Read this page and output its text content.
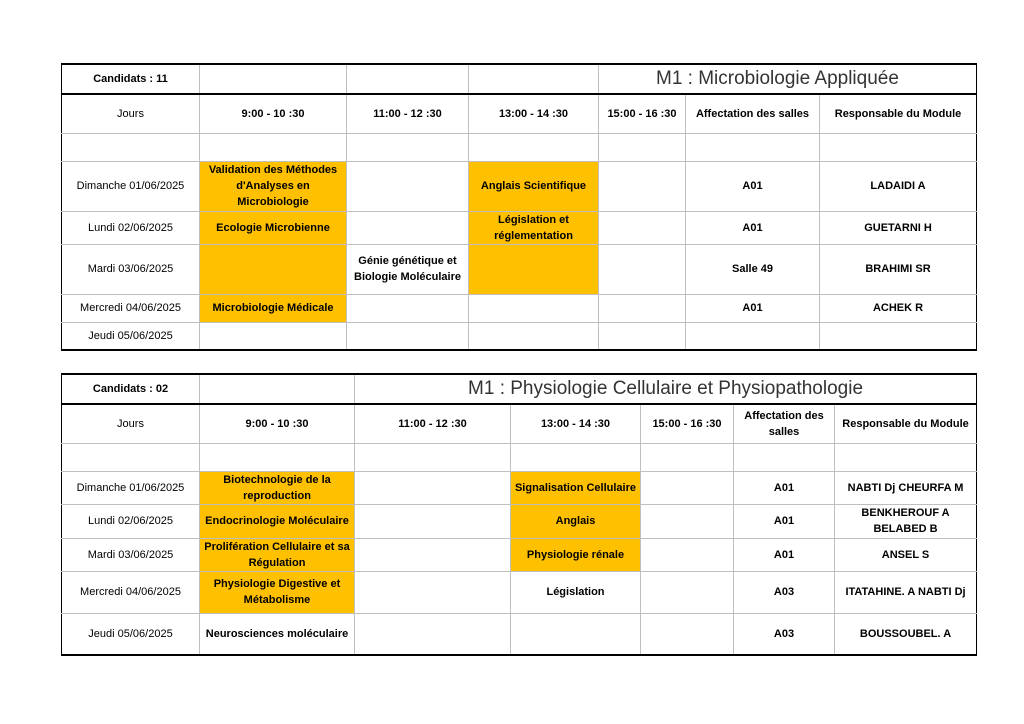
Candidats : 11				M1 : Microbiologie Appliquée		
Jours	9:00 - 10 :30	11:00 - 12 :30	13:00 - 14 :30	15:00 - 16 :30	Affectation des salles	Responsable du Module

Dimanche 01/06/2025	Validation des Méthodes d'Analyses en Microbiologie		Anglais Scientifique		A01	LADAIDI A
Lundi 02/06/2025	Ecologie Microbienne		Législation et réglementation		A01	GUETARNI H
Mardi 03/06/2025		Génie génétique et Biologie Moléculaire			Salle 49	BRAHIMI SR
Mercredi 04/06/2025	Microbiologie Médicale				A01	ACHEK R
Jeudi 05/06/2025						
Candidats : 02		M1 : Physiologie Cellulaire et Physiopathologie				
Jours	9:00 - 10 :30	11:00 - 12 :30	13:00 - 14 :30	15:00 - 16 :30	Affectation des salles	Responsable du Module

Dimanche 01/06/2025	Biotechnologie de la reproduction		Signalisation Cellulaire		A01	NABTI Dj CHEURFA M
Lundi 02/06/2025	Endocrinologie Moléculaire		Anglais		A01	BENKHEROUF A BELABED B
Mardi 03/06/2025	Prolifération Cellulaire et sa Régulation		Physiologie rénale		A01	ANSEL S
Mercredi 04/06/2025	Physiologie Digestive et Métabolisme		Législation		A03	ITATAHINE. A NABTI Dj
Jeudi 05/06/2025	Neurosciences moléculaire				A03	BOUSSOUBEL. A
